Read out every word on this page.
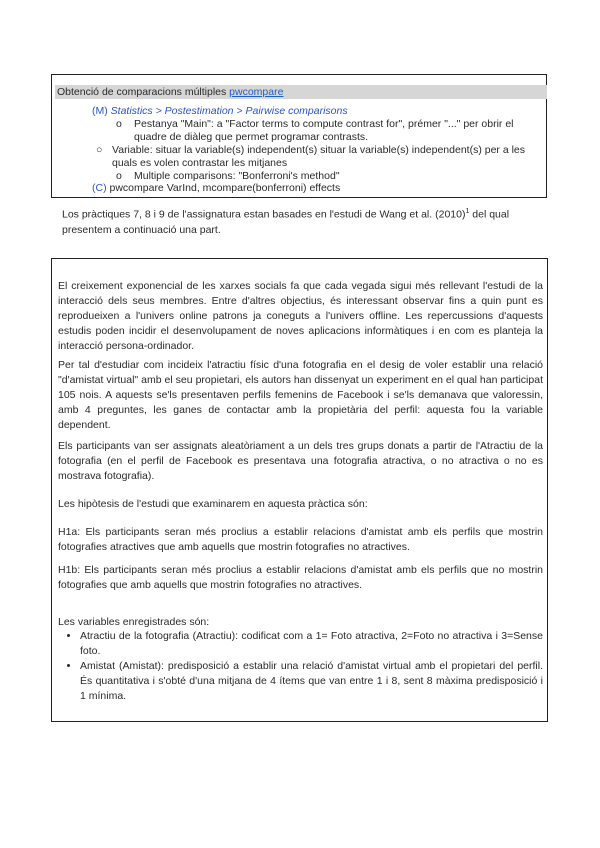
Obtenció de comparacions múltiples pwcompare
(M) Statistics > Postestimation > Pairwise comparisons
o Pestanya "Main": a "Factor terms to compute contrast for", prémer "..." per obrir el
quadre de diàleg que permet programar contrasts.
○ Variable: situar la variable(s) independent(s) situar la variable(s) independent(s) per a les
quals es volen contrastar les mitjanes
o Multiple comparisons: "Bonferroni's method"
(C) pwcompare VarInd, mcompare(bonferroni) effects
Los pràctiques 7, 8 i 9 de l'assignatura estan basades en l'estudi de Wang et al. $(2010)^1$ del qual presentem a continuació una part.
El creixement exponencial de les xarxes socials fa que cada vegada sigui més rellevant l'estudi de la interacció dels seus membres. Entre d'altres objectius, és interessant observar fins a quin punt es reprodueixen a l'univers online patrons ja coneguts a l'univers offline. Les repercussions d'aquests estudis poden incidir el desenvolupament de noves aplicacions informàtiques i en com es planteja la interacció persona-ordinador.
Per tal d'estudiar com incideix l'atractiu físic d'una fotografia en el desig de voler establir una relació "d'amistat virtual" amb el seu propietari, els autors han dissenyat un experiment en el qual han participat 105 nois. A aquests se'ls presentaven perfils femenins de Facebook i se'ls demanava que valoressin, amb 4 preguntes, les ganes de contactar amb la propietària del perfil: aquesta fou la variable dependent.
Els participants van ser assignats aleatòriament a un dels tres grups donats a partir de l'Atractiu de la fotografia (en el perfil de Facebook es presentava una fotografia atractiva, o no atractiva o no es mostrava fotografia).
Les hipòtesis de l'estudi que examinarem en aquesta pràctica són:
H1a: Els participants seran més proclius a establir relacions d'amistat amb els perfils que mostrin fotografies atractives que amb aquells que mostrin fotografies no atractives.
H1b: Els participants seran més proclius a establir relacions d'amistat amb els perfils que no mostrin fotografies que amb aquells que mostrin fotografies no atractives.
Les variables enregistrades són:
• Atractiu de la fotografia (Atractiu): codificat com a 1= Foto atractiva, 2=Foto no atractiva i 3=Sense foto.
• Amistat (Amistat): predisposició a establir una relació d'amistat virtual amb el propietari del perfil. És quantitativa i s'obté d'una mitjana de 4 ítems que van entre 1 i 8, sent 8 màxima predisposició i 1 mínima.
